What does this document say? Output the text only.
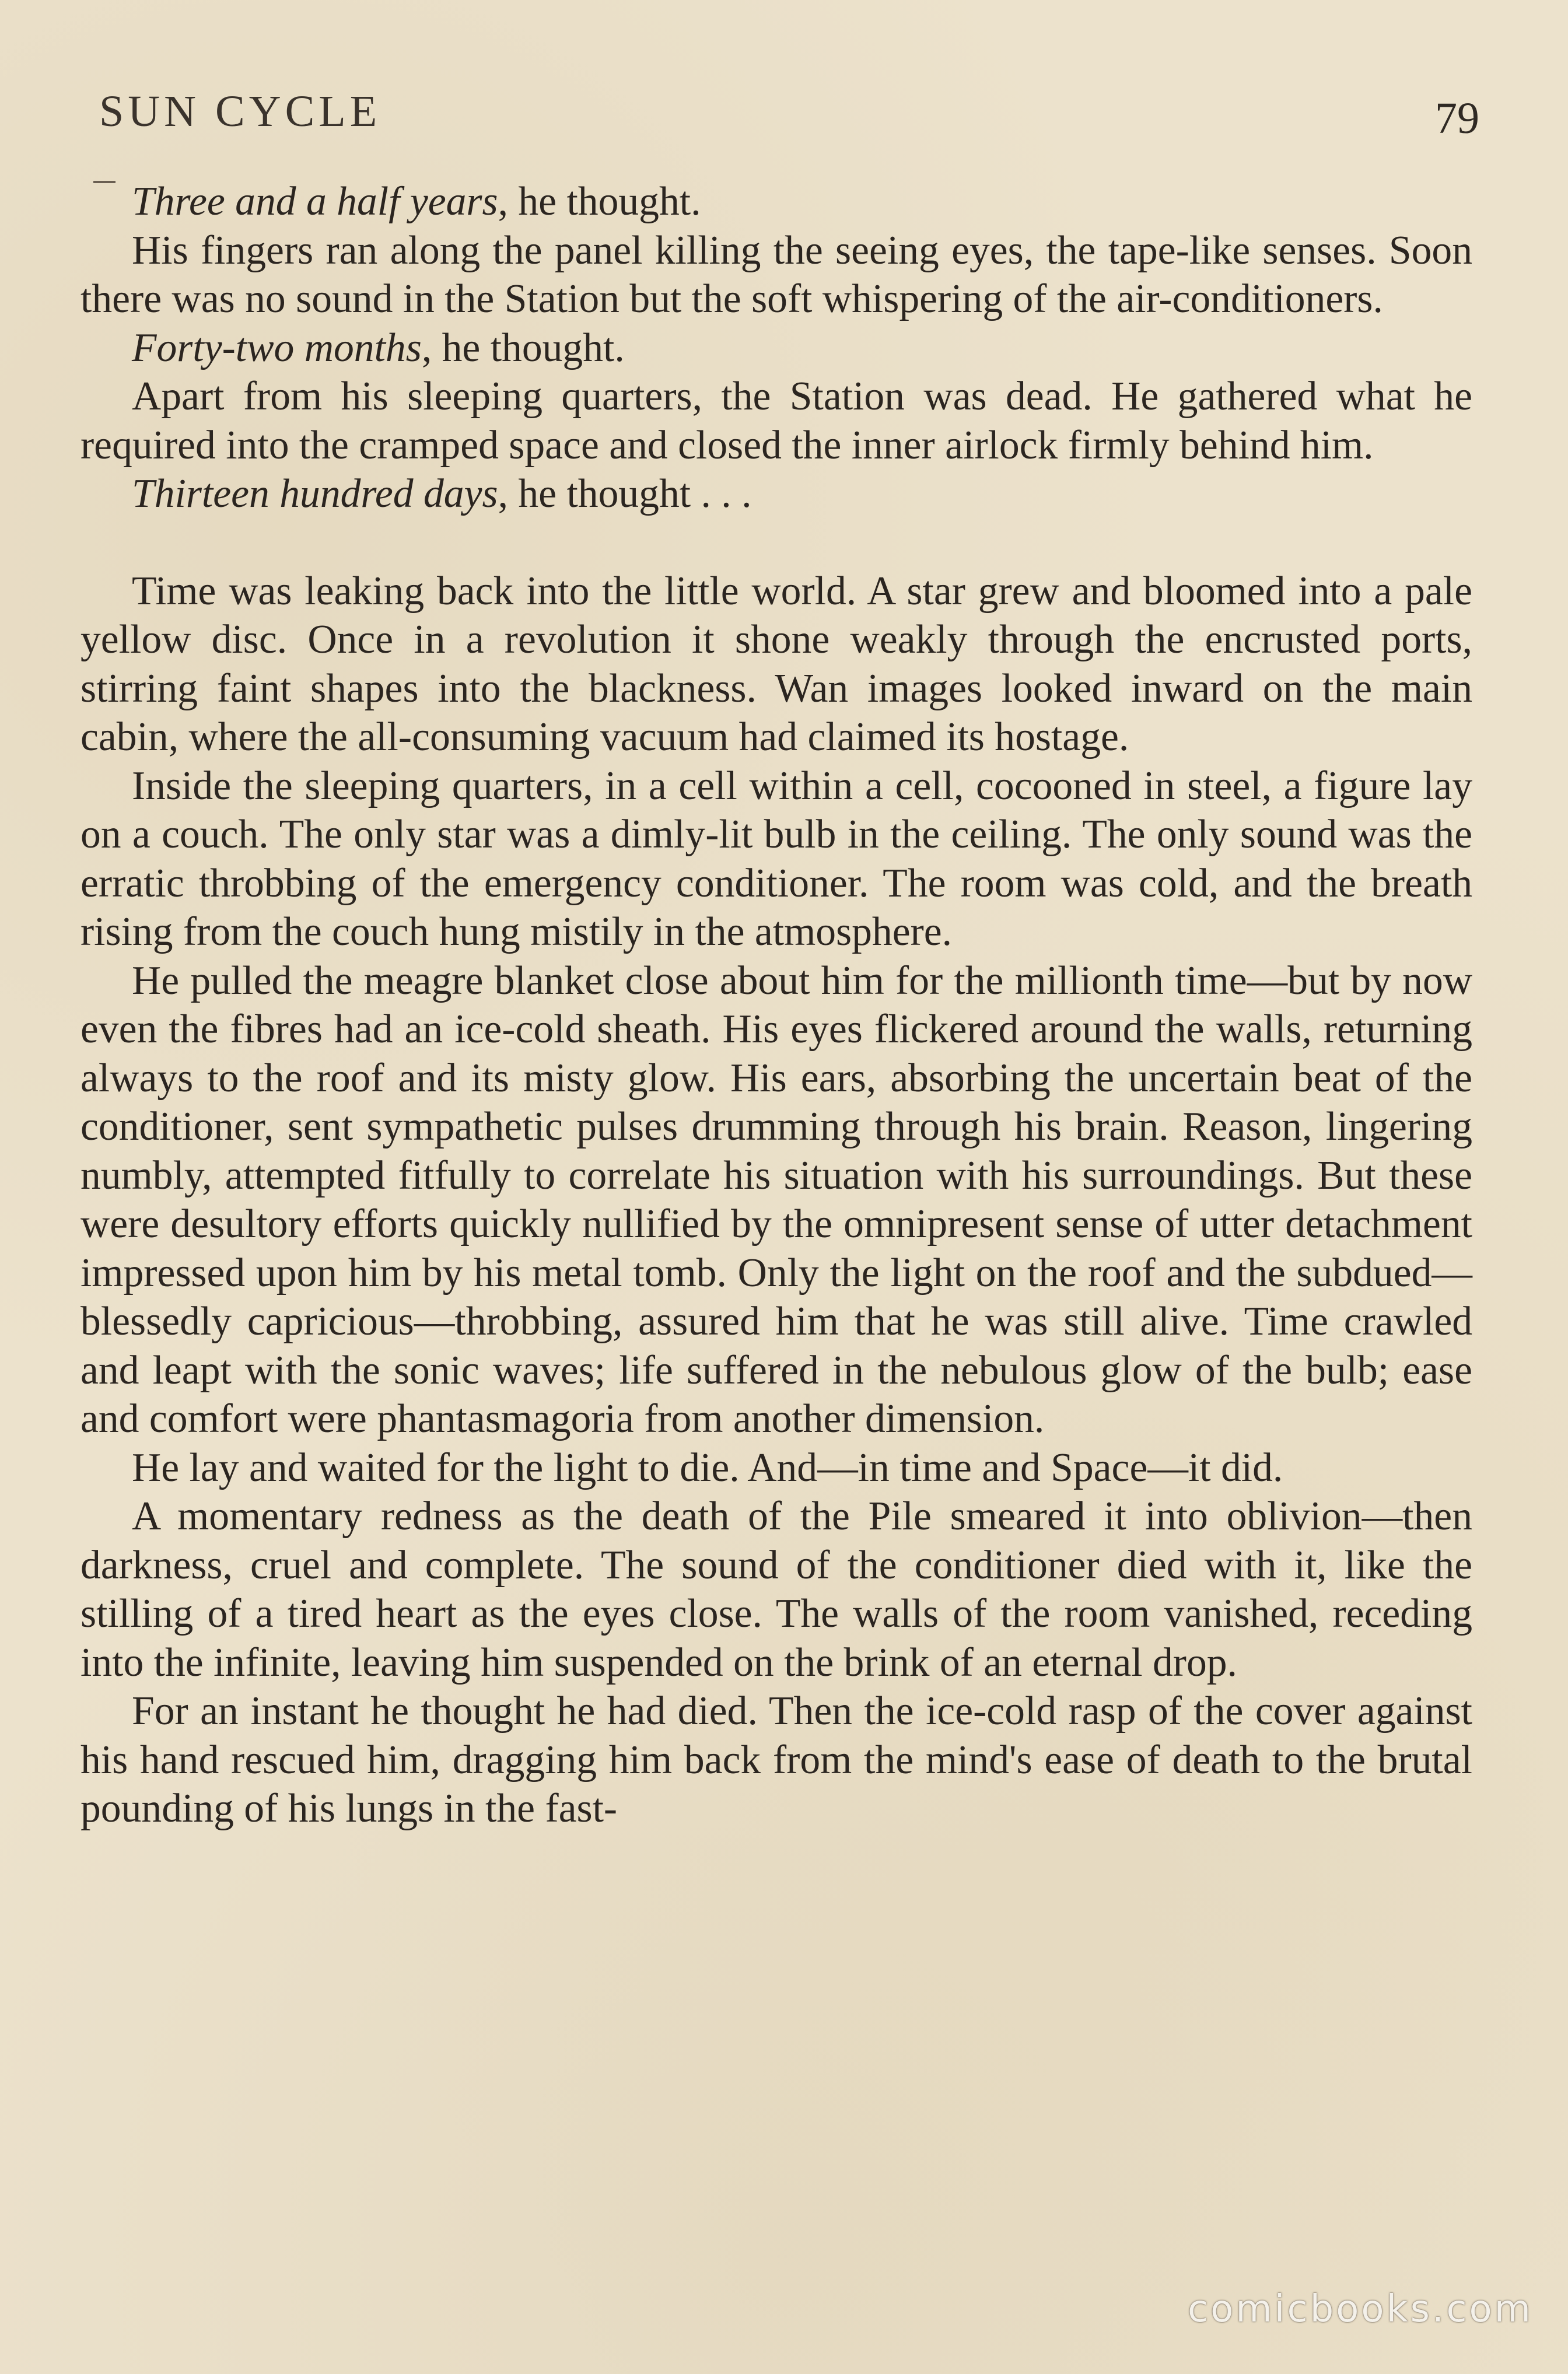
SUN CYCLE	79

Three and a half years, he thought.

His fingers ran along the panel killing the seeing eyes, the tape-like senses. Soon there was no sound in the Station but the soft whispering of the air-conditioners.

Forty-two months, he thought.

Apart from his sleeping quarters, the Station was dead. He gathered what he required into the cramped space and closed the inner airlock firmly behind him.

Thirteen hundred days, he thought . . .

Time was leaking back into the little world. A star grew and bloomed into a pale yellow disc. Once in a revolution it shone weakly through the encrusted ports, stirring faint shapes into the blackness. Wan images looked inward on the main cabin, where the all-consuming vacuum had claimed its hostage.

Inside the sleeping quarters, in a cell within a cell, cocooned in steel, a figure lay on a couch. The only star was a dimly-lit bulb in the ceiling. The only sound was the erratic throbbing of the emergency conditioner. The room was cold, and the breath rising from the couch hung mistily in the atmosphere.

He pulled the meagre blanket close about him for the millionth time—but by now even the fibres had an ice-cold sheath. His eyes flickered around the walls, returning always to the roof and its misty glow. His ears, absorbing the uncertain beat of the conditioner, sent sympathetic pulses drumming through his brain. Reason, lingering numbly, attempted fitfully to correlate his situation with his surroundings. But these were desultory efforts quickly nullified by the omnipresent sense of utter detachment impressed upon him by his metal tomb. Only the light on the roof and the subdued—blessedly capricious—throbbing, assured him that he was still alive. Time crawled and leapt with the sonic waves; life suffered in the nebulous glow of the bulb; ease and comfort were phantasmagoria from another dimension.

He lay and waited for the light to die. And—in time and Space—it did.

A momentary redness as the death of the Pile smeared it into oblivion—then darkness, cruel and complete. The sound of the conditioner died with it, like the stilling of a tired heart as the eyes close. The walls of the room vanished, receding into the infinite, leaving him suspended on the brink of an eternal drop.

For an instant he thought he had died. Then the ice-cold rasp of the cover against his hand rescued him, dragging him back from the mind's ease of death to the brutal pounding of his lungs in the fast-

comicbooks.com
